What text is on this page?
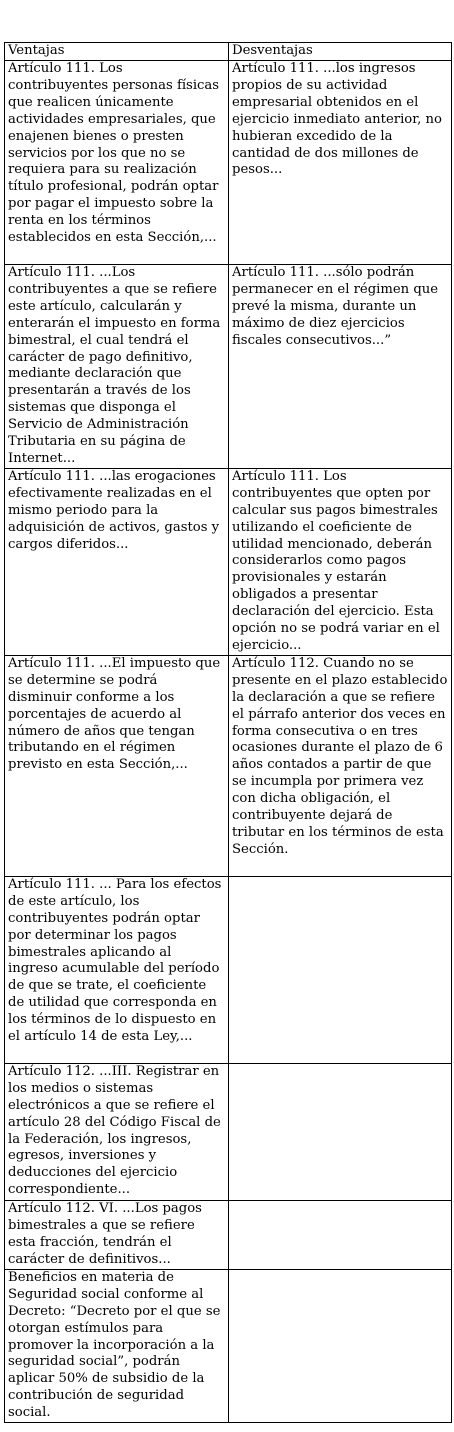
Ventajas	Desventajas
Artículo 111. Los contribuyentes personas físicas que realicen únicamente actividades empresariales, que enajenen bienes o presten servicios por los que no se requiera para su realización título profesional, podrán optar por pagar el impuesto sobre la renta en los términos establecidos en esta Sección,...	Artículo 111. ...los ingresos propios de su actividad empresarial obtenidos en el ejercicio inmediato anterior, no hubieran excedido de la cantidad de dos millones de pesos...
Artículo 111. ...Los contribuyentes a que se refiere este artículo, calcularán y enterarán el impuesto en forma bimestral, el cual tendrá el carácter de pago definitivo, mediante declaración que presentarán a través de los sistemas que disponga el Servicio de Administración Tributaria en su página de Internet...	Artículo 111. ...sólo podrán permanecer en el régimen que prevé la misma, durante un máximo de diez ejercicios fiscales consecutivos...”
Artículo 111. ...las erogaciones efectivamente realizadas en el mismo periodo para la adquisición de activos, gastos y cargos diferidos...	Artículo 111. Los contribuyentes que opten por calcular sus pagos bimestrales utilizando el coeficiente de utilidad mencionado, deberán considerarlos como pagos provisionales y estarán obligados a presentar declaración del ejercicio. Esta opción no se podrá variar en el ejercicio...
Artículo 111. ...El impuesto que se determine se podrá disminuir conforme a los porcentajes de acuerdo al número de años que tengan tributando en el régimen previsto en esta Sección,...	Artículo 112. Cuando no se presente en el plazo establecido la declaración a que se refiere el párrafo anterior dos veces en forma consecutiva o en tres ocasiones durante el plazo de 6 años contados a partir de que se incumpla por primera vez con dicha obligación, el contribuyente dejará de tributar en los términos de esta Sección.
Artículo 111. ... Para los efectos de este artículo, los contribuyentes podrán optar por determinar los pagos bimestrales aplicando al ingreso acumulable del período de que se trate, el coeficiente de utilidad que corresponda en los términos de lo dispuesto en el artículo 14 de esta Ley,...	
Artículo 112. ...III. Registrar en los medios o sistemas electrónicos a que se refiere el artículo 28 del Código Fiscal de la Federación, los ingresos, egresos, inversiones y deducciones del ejercicio correspondiente...	
Artículo 112. VI. ...Los pagos bimestrales a que se refiere esta fracción, tendrán el carácter de definitivos...	
Beneficios en materia de Seguridad social conforme al Decreto: “Decreto por el que se otorgan estímulos para promover la incorporación a la seguridad social”, podrán aplicar 50% de subsidio de la contribución de seguridad social.	
